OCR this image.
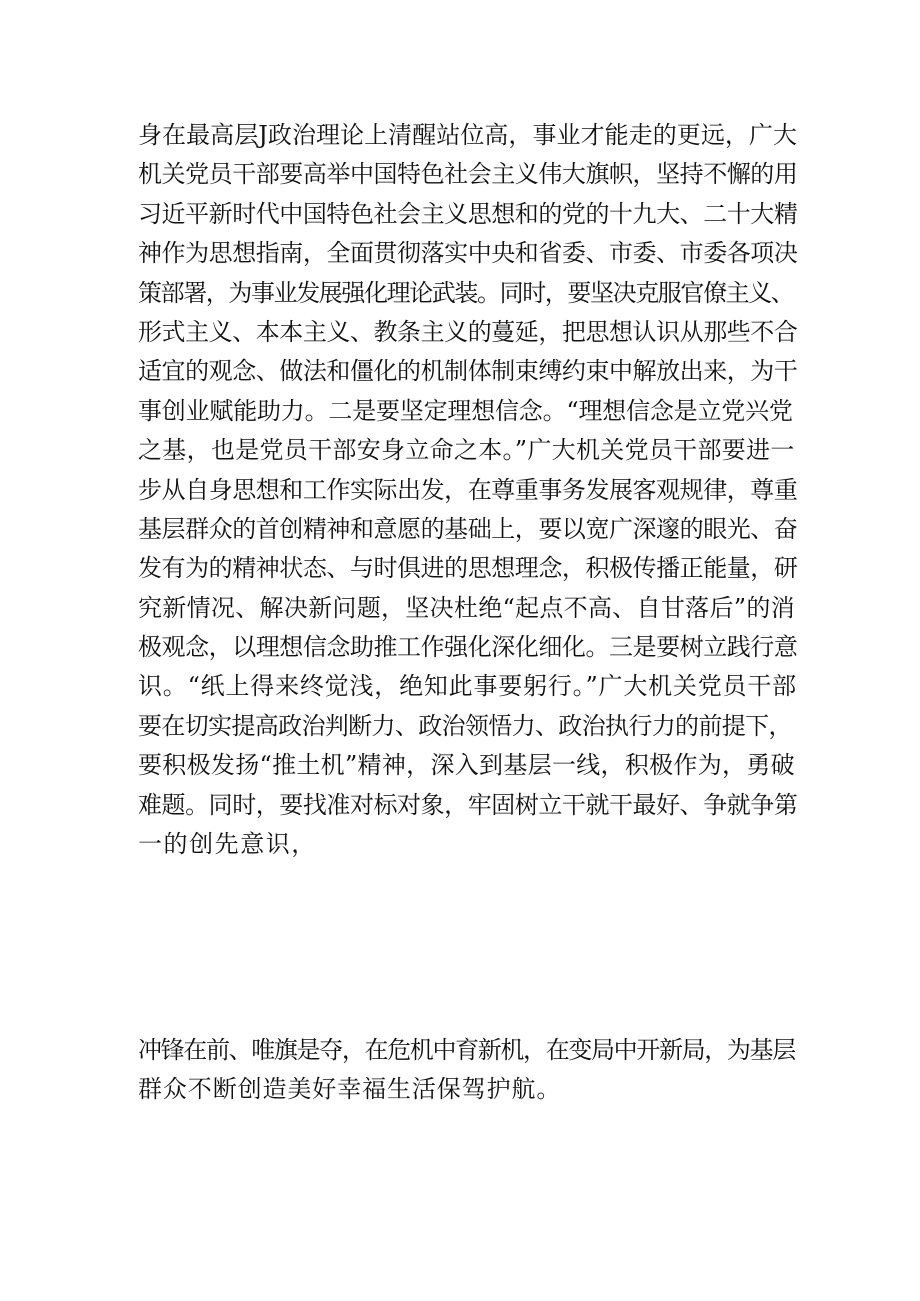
身在最高层J政治理论上清醒站位高，事业才能走的更远，广大
机关党员干部要高举中国特色社会主义伟大旗帜，坚持不懈的用
习近平新时代中国特色社会主义思想和的党的十九大、二十大精
神作为思想指南，全面贯彻落实中央和省委、市委、市委各项决
策部署，为事业发展强化理论武装。同时，要坚决克服官僚主义、
形式主义、本本主义、教条主义的蔓延，把思想认识从那些不合
适宜的观念、做法和僵化的机制体制束缚约束中解放出来，为干
事创业赋能助力。二是要坚定理想信念。“理想信念是立党兴党
之基，也是党员干部安身立命之本。”广大机关党员干部要进一
步从自身思想和工作实际出发，在尊重事务发展客观规律，尊重
基层群众的首创精神和意愿的基础上，要以宽广深邃的眼光、奋
发有为的精神状态、与时俱进的思想理念，积极传播正能量，研
究新情况、解决新问题，坚决杜绝“起点不高、自甘落后”的消
极观念，以理想信念助推工作强化深化细化。三是要树立践行意
识。“纸上得来终觉浅，绝知此事要躬行。”广大机关党员干部
要在切实提高政治判断力、政治领悟力、政治执行力的前提下，
要积极发扬“推土机”精神，深入到基层一线，积极作为，勇破
难题。同时，要找准对标对象，牢固树立干就干最好、争就争第
一的创先意识，
冲锋在前、唯旗是夺，在危机中育新机，在变局中开新局，为基层
群众不断创造美好幸福生活保驾护航。
